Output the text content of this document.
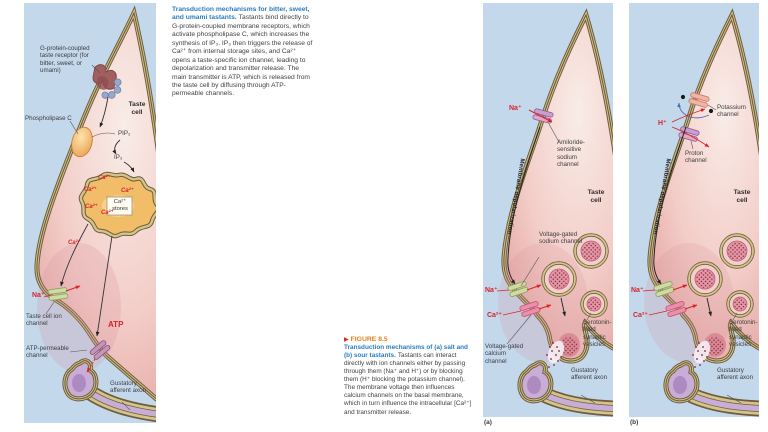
G-protein-coupled taste receptor (for bitter, sweet, or umami)
Taste cell
Phospholipase C
PIP₂
IP₃
Ca²⁺ stores
Ca²⁺
Ca²⁺	Ca²⁺
Ca²⁺
Ca²⁺
Ca²⁺
Na⁺
Taste cell ion channel	ATP
ATP-permeable channel
Gustatory afferent axon

Transduction mechanisms for bitter, sweet, and umami tastants. Tastants bind directly to G-protein-coupled membrane receptors, which activate phospholipase C, which increases the synthesis of IP₃. IP₃ then triggers the release of Ca²⁺ from internal storage sites, and Ca²⁺ opens a taste-specific ion channel, leading to depolarization and transmitter release. The main transmitter is ATP, which is released from the taste cell by diffusing through ATP-permeable channels.

▶ FIGURE 8.5

Transduction mechanisms of (a) salt and (b) sour tastants. Tastants can interact directly with ion channels either by passing through them (Na⁺ and H⁺) or by blocking them (H⁺ blocking the potassium channel). The membrane voltage then influences calcium channels on the basal membrane, which in turn influence the intracellular [Ca²⁺] and transmitter release.

Na⁺
Amiloride-sensitive sodium channel
Membrane depolarization	Taste cell
Voltage-gated sodium channel
Na⁺
Ca²⁺
Voltage-gated calcium channel
Serotonin-filled synaptic vesicles
Gustatory afferent axon
(a)
H⁺
Potassium channel
Proton channel
Membrane depolarization	Taste cell
Na⁺
Ca²⁺
Serotonin-filled synaptic vesicles
Gustatory afferent axon
(b)
